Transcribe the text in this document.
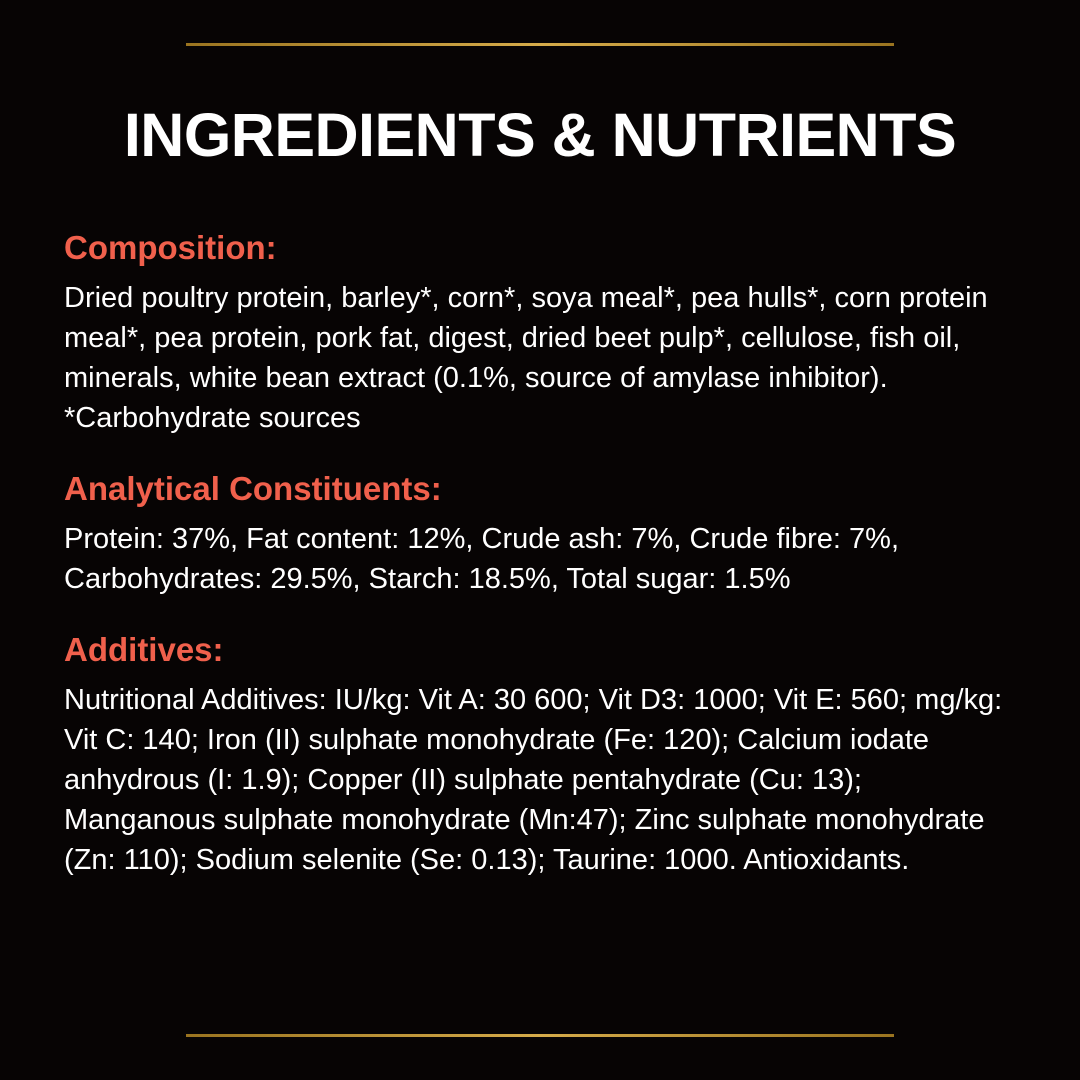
INGREDIENTS & NUTRIENTS
Composition:

Dried poultry protein, barley*, corn*, soya meal*, pea hulls*, corn protein meal*, pea protein, pork fat, digest, dried beet pulp*, cellulose, fish oil, minerals, white bean extract (0.1%, source of amylase inhibitor). *Carbohydrate sources

Analytical Constituents:

Protein: 37%, Fat content: 12%, Crude ash: 7%, Crude fibre: 7%, Carbohydrates: 29.5%, Starch: 18.5%, Total sugar: 1.5%

Additives:

Nutritional Additives: IU/kg: Vit A: 30 600; Vit D3: 1000; Vit E: 560; mg/kg: Vit C: 140; Iron (II) sulphate monohydrate (Fe: 120); Calcium iodate anhydrous (I: 1.9); Copper (II) sulphate pentahydrate (Cu: 13); Manganous sulphate monohydrate (Mn:47); Zinc sulphate monohydrate (Zn: 110); Sodium selenite (Se: 0.13); Taurine: 1000. Antioxidants.
